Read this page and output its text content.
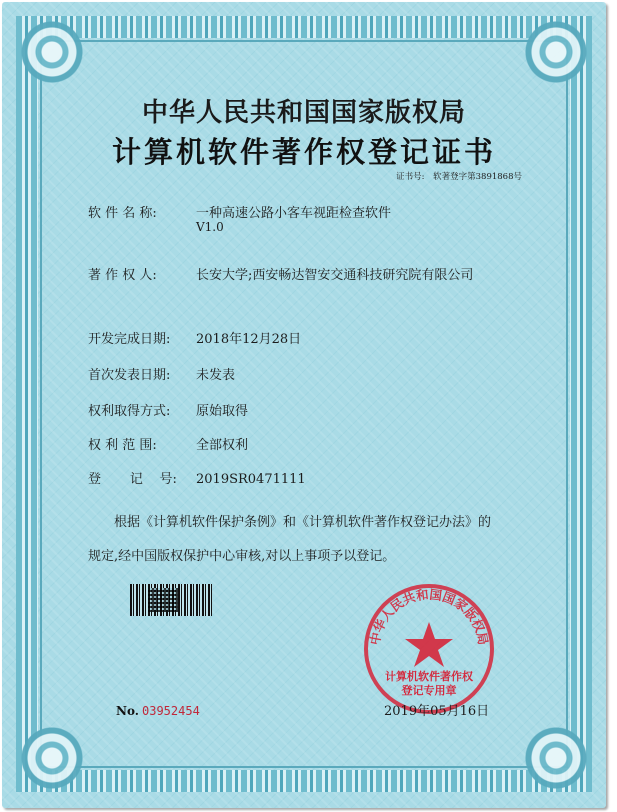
中华人民共和国国家版权局
计算机软件著作权登记证书
证书号: 软著登字第3891868号
软 件 名 称:	一种高速公路小客车视距检查软件
V1.0
著 作 权 人:	长安大学;西安畅达智安交通科技研究院有限公司
开发完成日期: 2018年12月28日
首次发表日期: 未发表
权利取得方式: 原始取得
权 利 范 围:	全部权利
登       记    号: 2019SR0471111
根据《计算机软件保护条例》和《计算机软件著作权登记办法》的
规定,经中国版权保护中心审核,对以上事项予以登记。
中华人民共和国国家版权局
计算机软件著作权
登记专用章
No. 03952454	2019年05月16日
